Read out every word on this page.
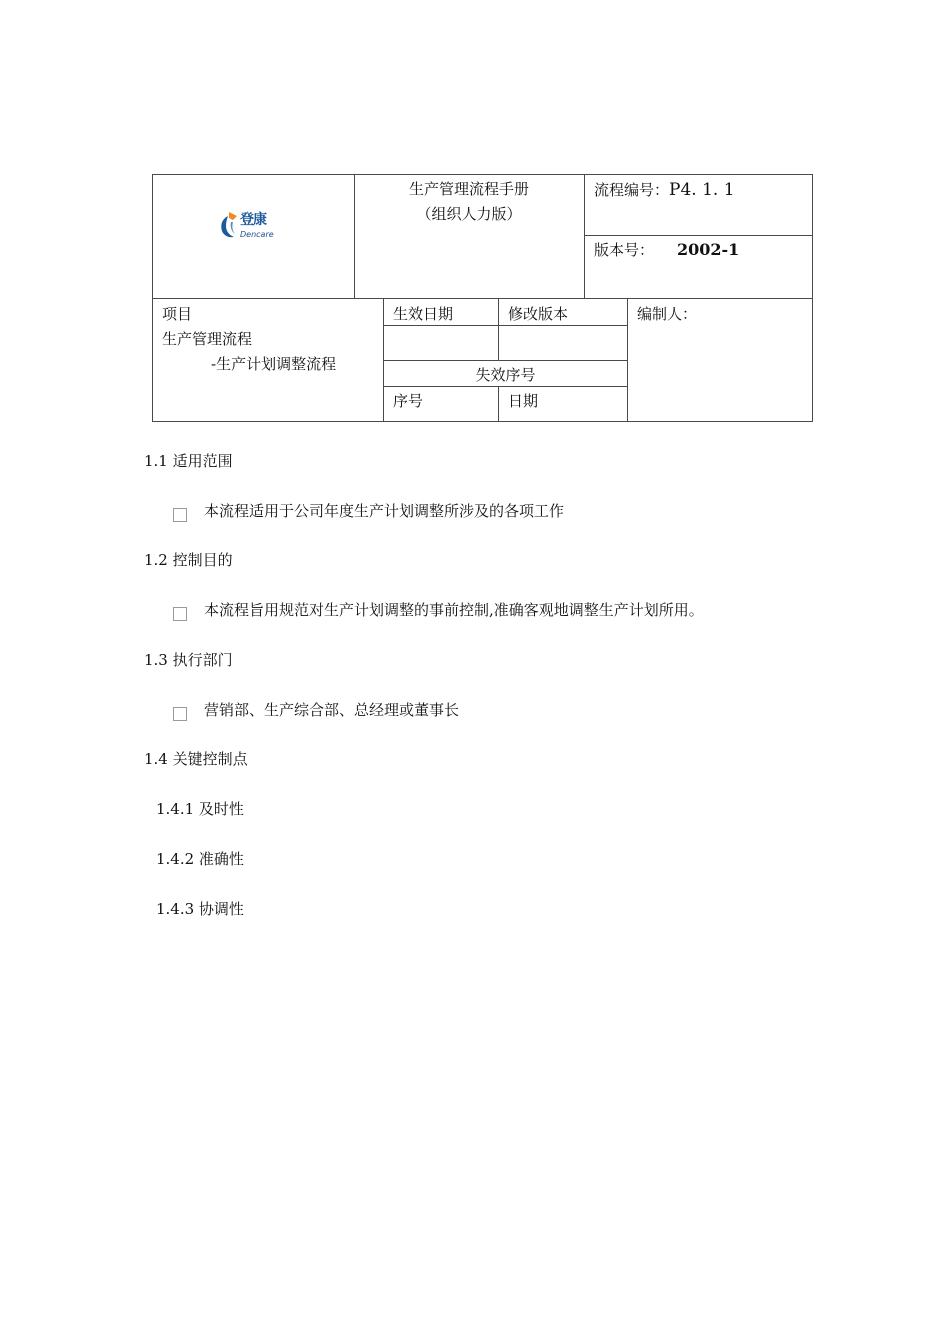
登康
Dencare
生产管理流程手册
（组织人力版）
流程编号：P4. 1. 1
版本号： 2002-1
项目
生产管理流程
-生产计划调整流程
生效日期	修改版本
失效序号
序号	日期
编制人：
1.1 适用范围
本流程适用于公司年度生产计划调整所涉及的各项工作
1.2 控制目的
本流程旨用规范对生产计划调整的事前控制,准确客观地调整生产计划所用。
1.3 执行部门
营销部、生产综合部、总经理或董事长
1.4 关键控制点
1.4.1 及时性
1.4.2 准确性
1.4.3 协调性
